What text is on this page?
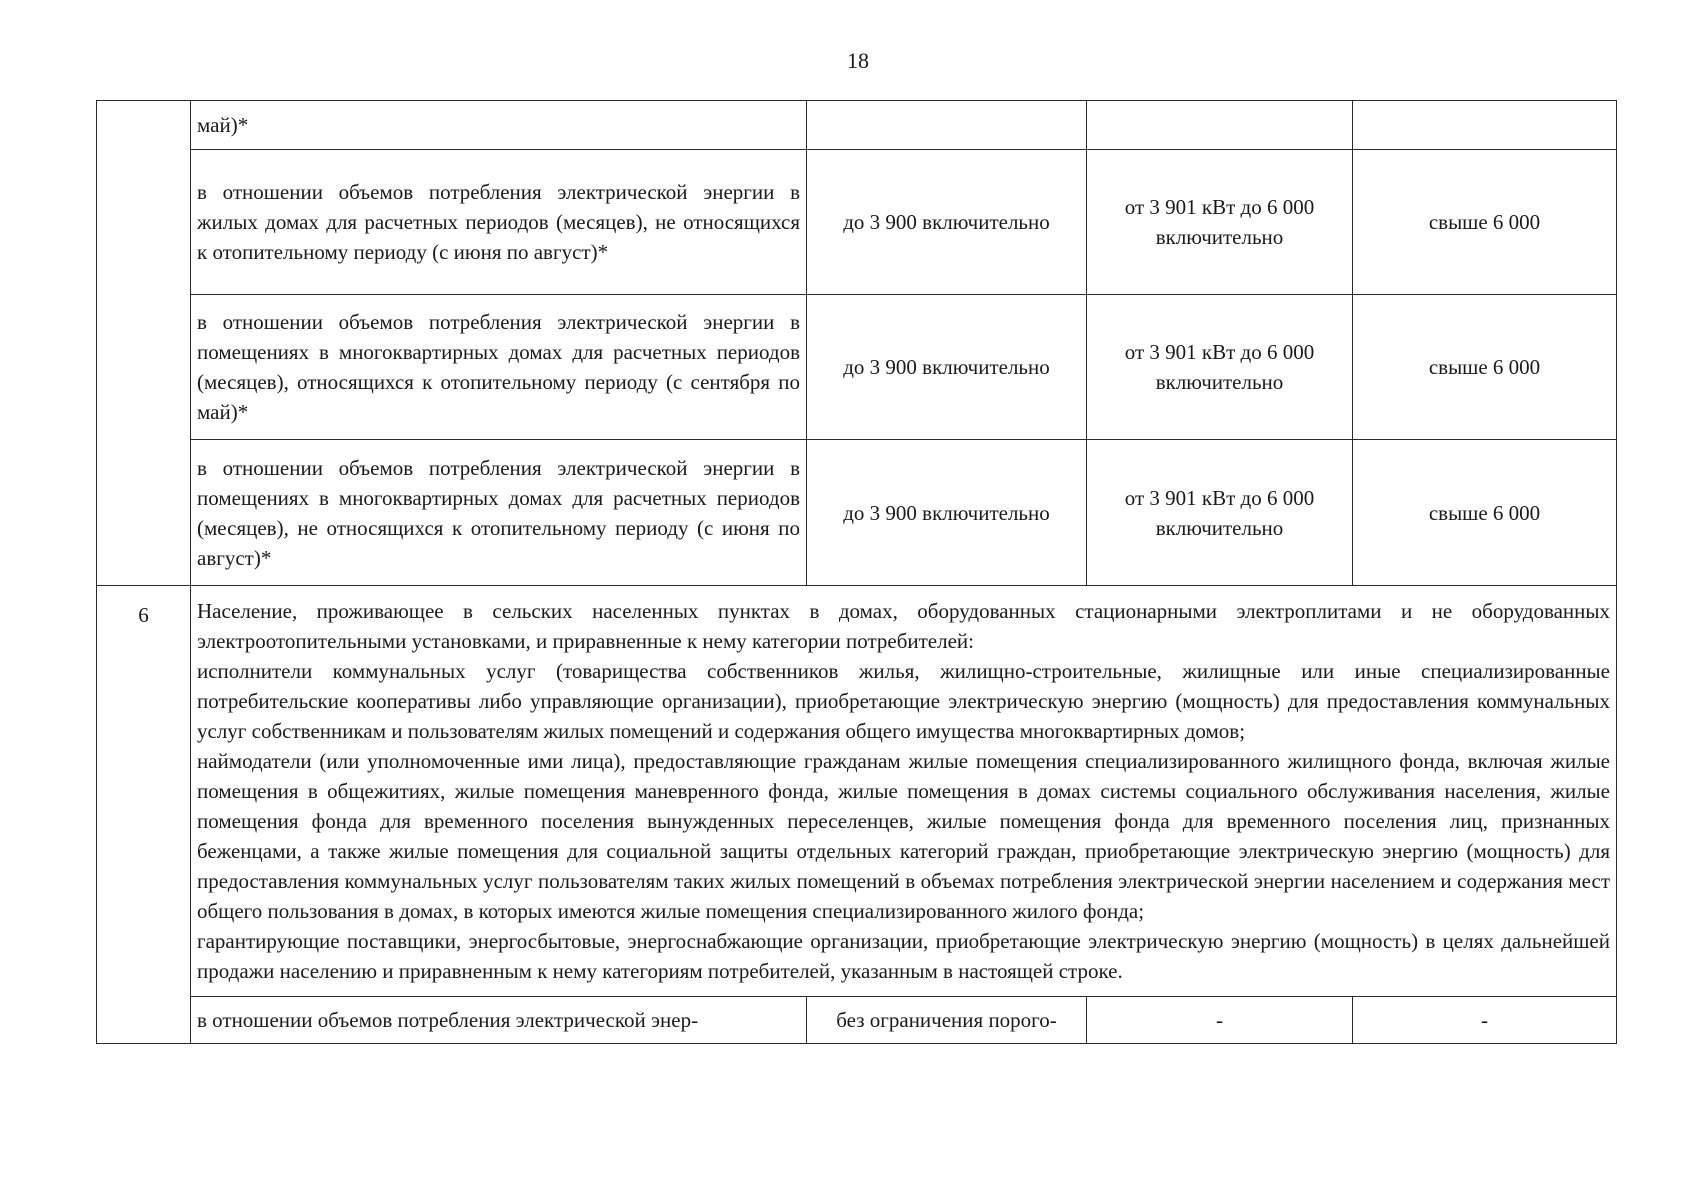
18
	май)*			
	в отношении объемов потребления электрической энергии в жилых домах для расчетных периодов (месяцев), не относящихся к отопительному периоду (с июня по август)*	до 3 900 включительно	от 3 901 кВт до 6 000 включительно	свыше 6 000
	в отношении объемов потребления электрической энергии в помещениях в многоквартирных домах для расчетных периодов (месяцев), относящихся к отопительному периоду (с сентября по май)*	до 3 900 включительно	от 3 901 кВт до 6 000 включительно	свыше 6 000
	в отношении объемов потребления электрической энергии в помещениях в многоквартирных домах для расчетных периодов (месяцев), не относящихся к отопительному периоду (с июня по август)*	до 3 900 включительно	от 3 901 кВт до 6 000 включительно	свыше 6 000
6	Население, проживающее в сельских населенных пунктах в домах, оборудованных стационарными электроплитами и не оборудованных электроотопительными установками, и приравненные к нему категории потребителей:

исполнители коммунальных услуг (товарищества собственников жилья, жилищно-строительные, жилищные или иные специализированные потребительские кооперативы либо управляющие организации), приобретающие электрическую энергию (мощность) для предоставления коммунальных услуг собственникам и пользователям жилых помещений и содержания общего имущества многоквартирных домов;

наймодатели (или уполномоченные ими лица), предоставляющие гражданам жилые помещения специализированного жилищного фонда, включая жилые помещения в общежитиях, жилые помещения маневренного фонда, жилые помещения в домах системы социального обслуживания населения, жилые помещения фонда для временного поселения вынужденных переселенцев, жилые помещения фонда для временного поселения лиц, признанных беженцами, а также жилые помещения для социальной защиты отдельных категорий граждан, приобретающие электрическую энергию (мощность) для предоставления коммунальных услуг пользователям таких жилых помещений в объемах потребления электрической энергии населением и содержания мест общего пользования в домах, в которых имеются жилые помещения специализированного жилого фонда;

гарантирующие поставщики, энергосбытовые, энергоснабжающие организации, приобретающие электрическую энергию (мощность) в целях дальнейшей продажи населению и приравненным к нему категориям потребителей, указанным в настоящей строке.			

	в отношении объемов потребления электрической энер-	без ограничения порого-	-	-
